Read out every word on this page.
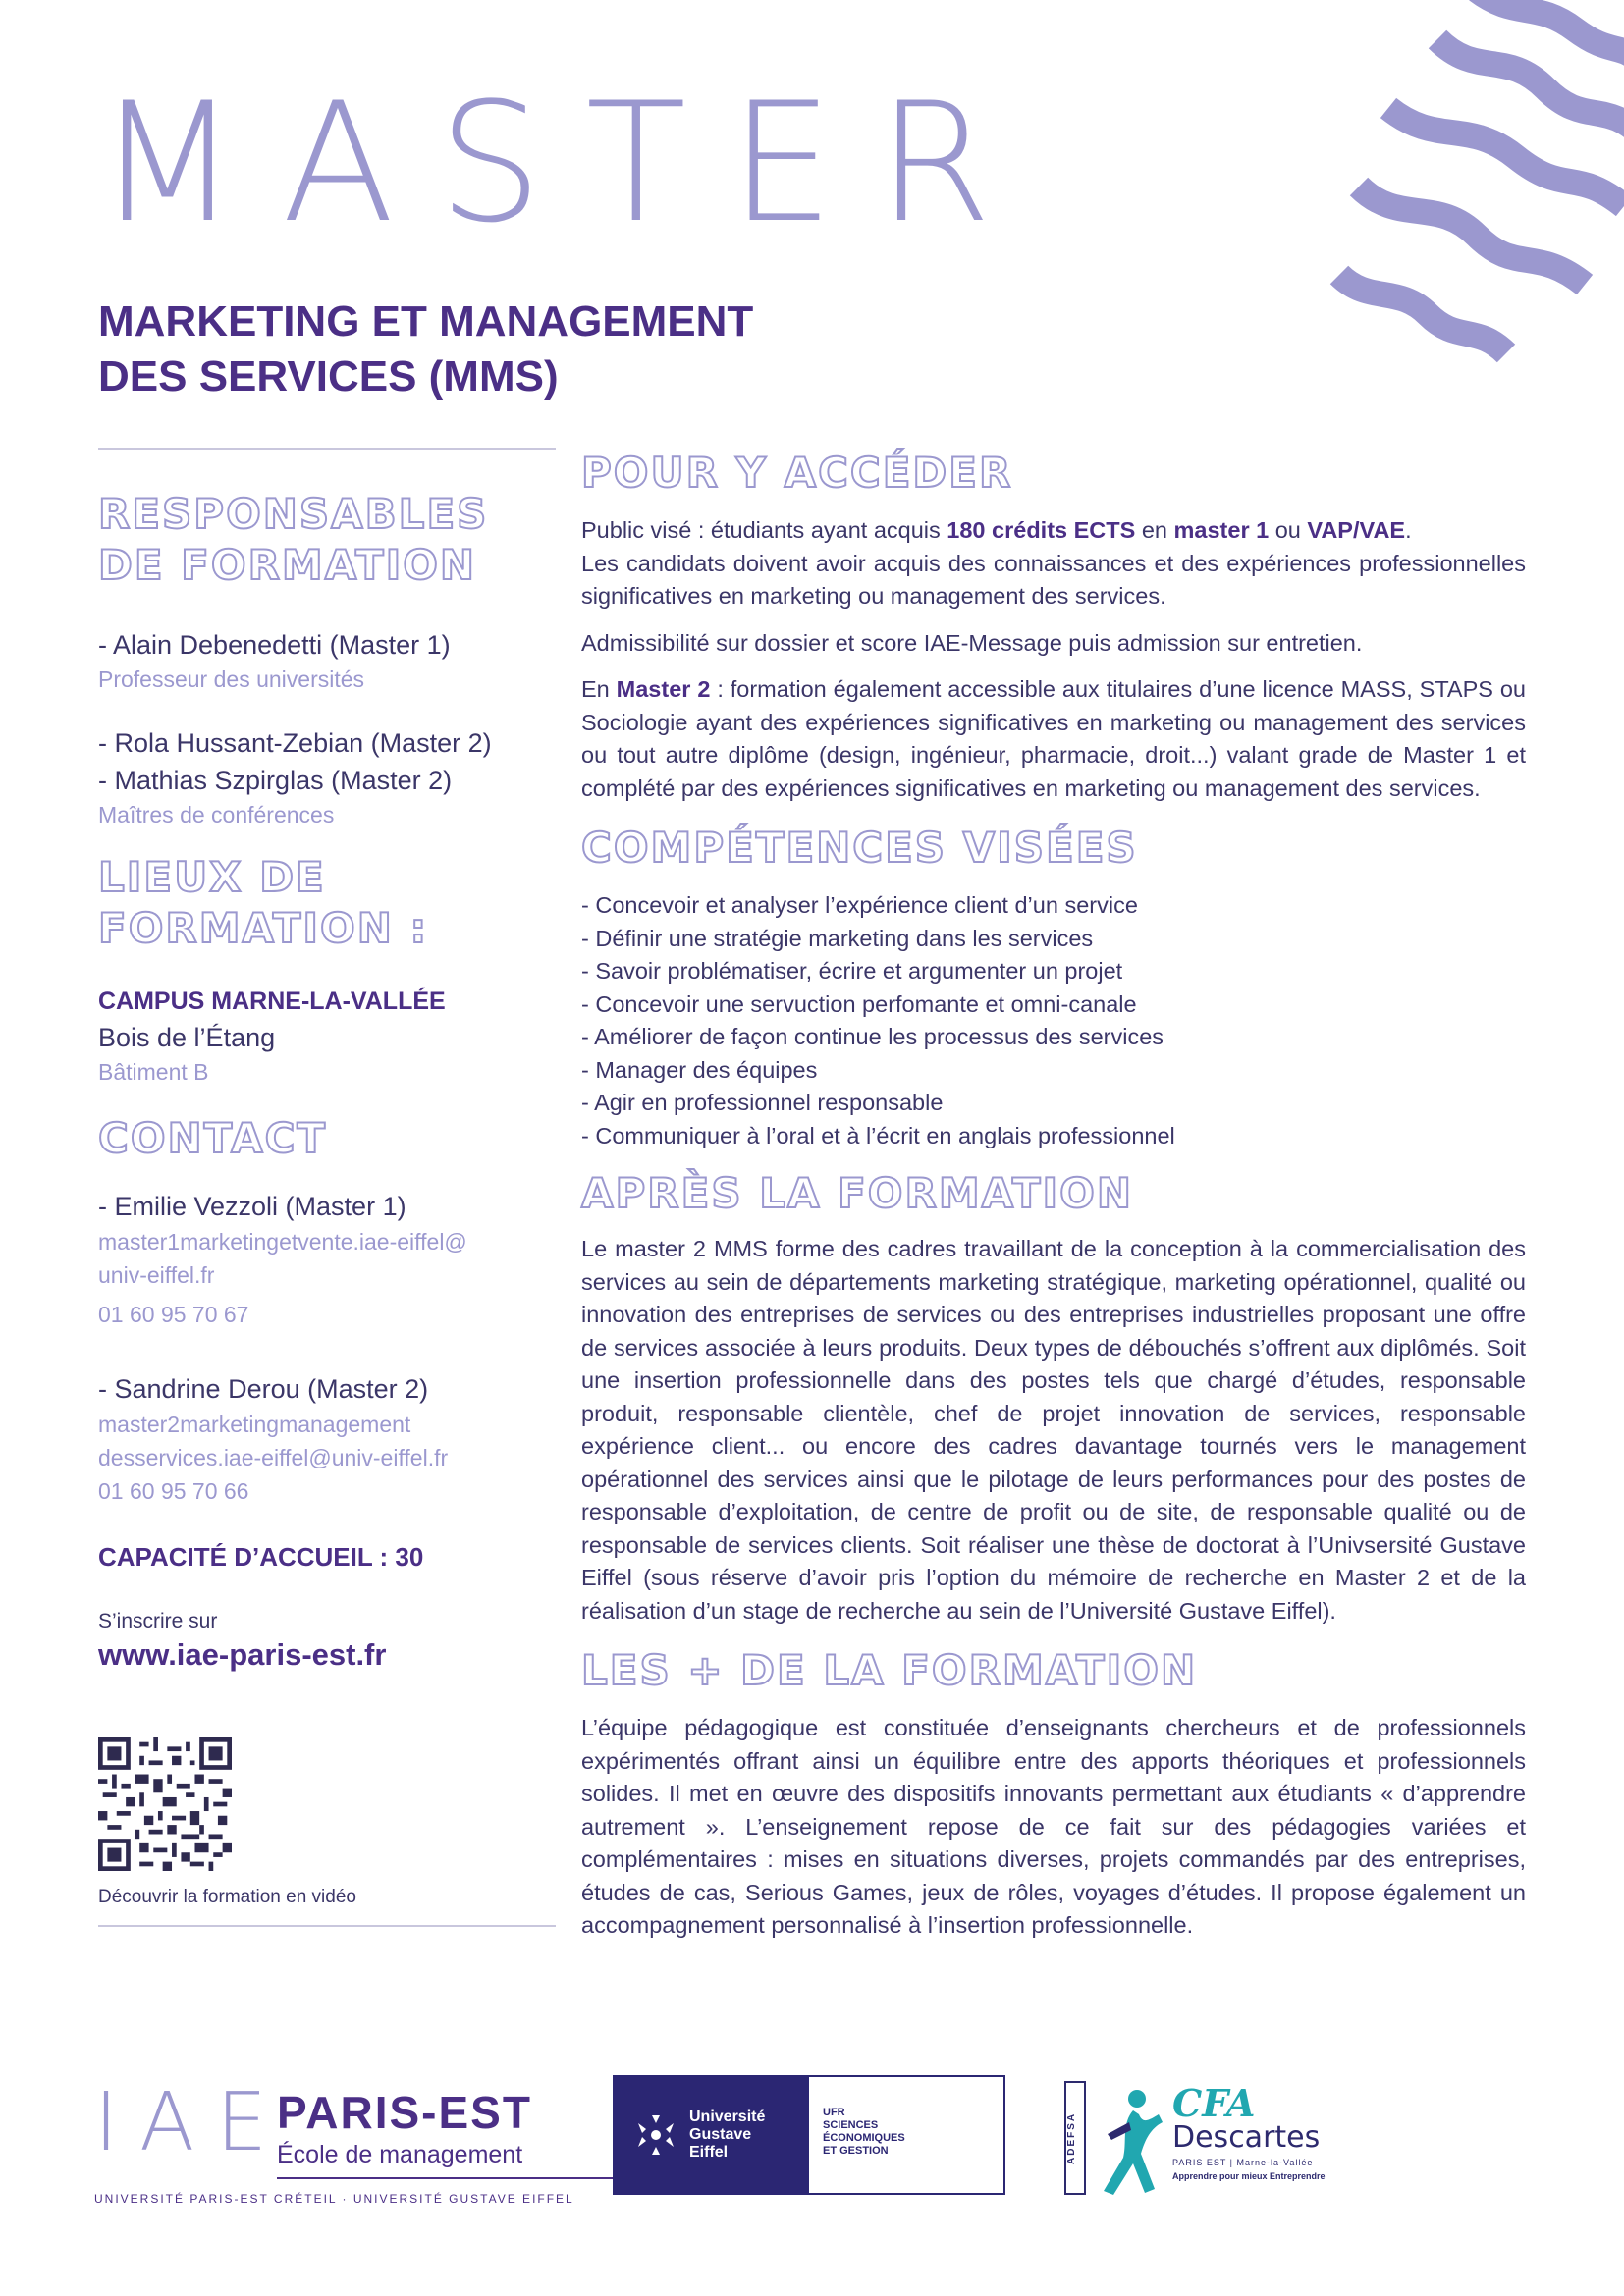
MASTER
MARKETING ET MANAGEMENT
DES SERVICES (MMS)
RESPONSABLES
DE FORMATION
- Alain Debenedetti (Master 1)
Professeur des universités
- Rola Hussant-Zebian (Master 2)
- Mathias Szpirglas (Master 2)
Maîtres de conférences
LIEUX DE
FORMATION :
CAMPUS MARNE-LA-VALLÉE
Bois de l’Étang
Bâtiment B
CONTACT
- Emilie Vezzoli (Master 1)
master1marketingetvente.iae-eiffel@
univ-eiffel.fr
01 60 95 70 67
- Sandrine Derou (Master 2)
master2marketingmanagement
desservices.iae-eiffel@univ-eiffel.fr
01 60 95 70 66
CAPACITÉ D’ACCUEIL : 30
S’inscrire sur
www.iae-paris-est.fr
Découvrir la formation en vidéo
POUR Y ACCÉDER
Public visé : étudiants ayant acquis 180 crédits ECTS en master 1 ou VAP/VAE.
Les candidats doivent avoir acquis des connaissances et des expériences professionnelles significatives en marketing ou management des services.
Admissibilité sur dossier et score IAE-Message puis admission sur entretien.
En Master 2 : formation également accessible aux titulaires d’une licence MASS, STAPS ou Sociologie ayant des expériences significatives en marketing ou management des services ou tout autre diplôme (design, ingénieur, pharmacie, droit...) valant grade de Master 1 et complété par des expériences significatives en marketing ou management des services.
COMPÉTENCES VISÉES
- Concevoir et analyser l’expérience client d’un service
- Définir une stratégie marketing dans les services
- Savoir problématiser, écrire et argumenter un projet
- Concevoir une servuction perfomante et omni-canale
- Améliorer de façon continue les processus des services
- Manager des équipes
- Agir en professionnel responsable
- Communiquer à l’oral et à l’écrit en anglais professionnel
APRÈS LA FORMATION
Le master 2 MMS forme des cadres travaillant de la conception à la commercialisation des services au sein de départements marketing stratégique, marketing opérationnel, qualité ou innovation des entreprises de services ou des entreprises industrielles proposant une offre de services associée à leurs produits. Deux types de débouchés s’offrent aux diplômés. Soit une insertion professionnelle dans des postes tels que chargé d’études, responsable produit, responsable clientèle, chef de projet innovation de services, responsable expérience client... ou encore des cadres davantage tournés vers le management opérationnel des services ainsi que le pilotage de leurs performances pour des postes de responsable d’exploitation, de centre de profit ou de site, de responsable qualité ou de responsable de services clients. Soit réaliser une thèse de doctorat à l’Univsersité Gustave Eiffel (sous réserve d’avoir pris l’option du mémoire de recherche en Master 2 et de la réalisation d’un stage de recherche au sein de l’Université Gustave Eiffel).
LES + DE LA FORMATION
L’équipe pédagogique est constituée d’enseignants chercheurs et de professionnels expérimentés offrant ainsi un équilibre entre des apports théoriques et professionnels solides. Il met en œuvre des dispositifs innovants permettant aux étudiants « d’apprendre autrement ». L’enseignement repose de ce fait sur des pédagogies variées et complémentaires : mises en situations diverses, projets commandés par des entreprises, études de cas, Serious Games, jeux de rôles, voyages d’études. Il propose également un accompagnement personnalisé à l’insertion professionnelle.
IAE
PARIS-EST
École de management
UNIVERSITÉ PARIS-EST CRÉTEIL · UNIVERSITÉ GUSTAVE EIFFEL
Université
Gustave
Eiffel
UFR
SCIENCES
ÉCONOMIQUES
ET GESTION	ADEFSA
CFA
Descartes
PARIS EST | Marne-la-Vallée
Apprendre pour mieux Entreprendre
